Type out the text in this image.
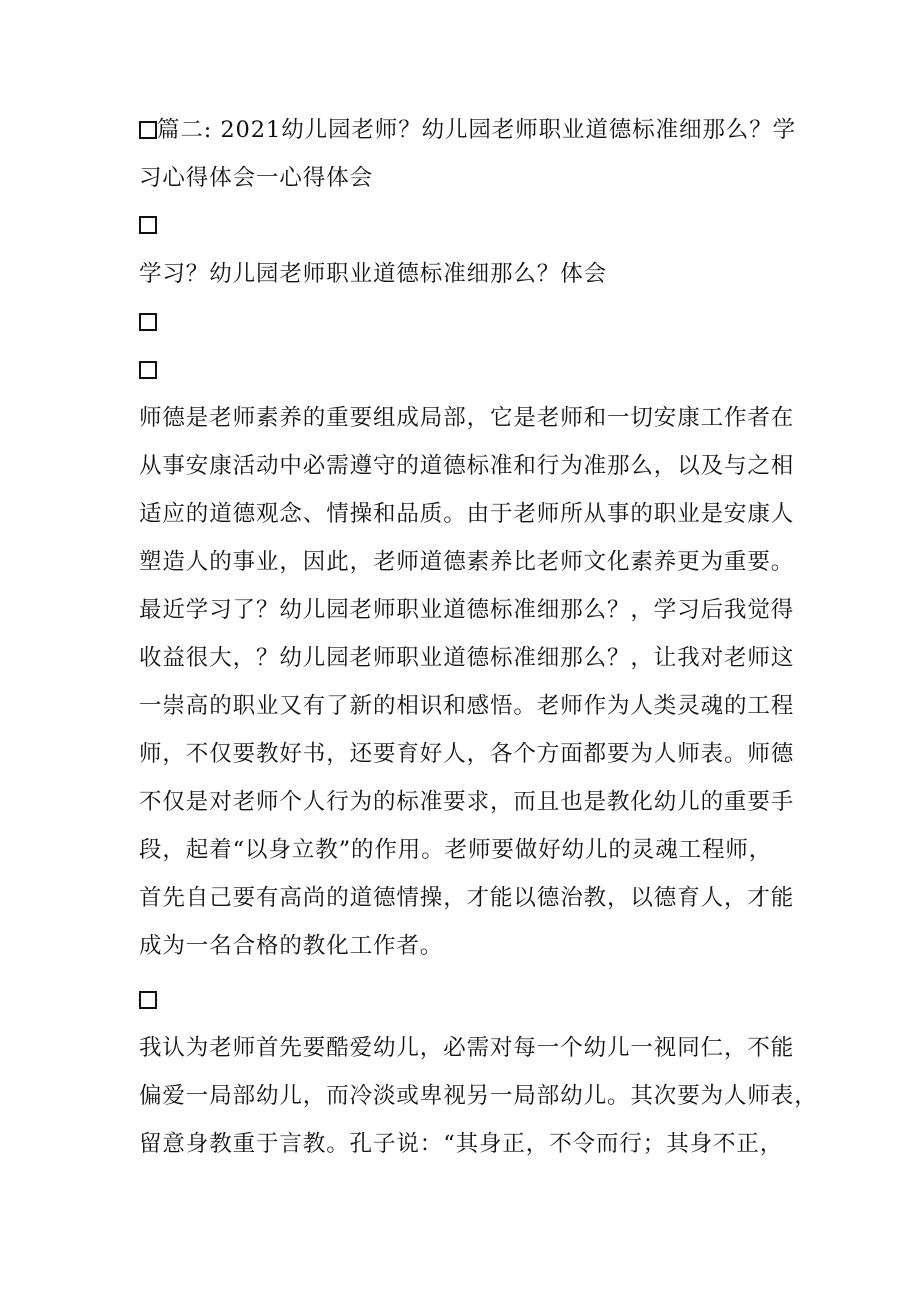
篇二: 2021幼儿园老师？幼儿园老师职业道德标准细那么？学
习心得体会一心得体会
学习？幼儿园老师职业道德标准细那么？体会
师德是老师素养的重要组成局部，它是老师和一切安康工作者在
从事安康活动中必需遵守的道德标准和行为准那么，以及与之相
适应的道德观念、情操和品质。由于老师所从事的职业是安康人
塑造人的事业，因此，老师道德素养比老师文化素养更为重要。
最近学习了？幼儿园老师职业道德标准细那么？，学习后我觉得
收益很大，？幼儿园老师职业道德标准细那么？，让我对老师这
一崇高的职业又有了新的相识和感悟。老师作为人类灵魂的工程
师，不仅要教好书，还要育好人，各个方面都要为人师表。师德
不仅是对老师个人行为的标准要求，而且也是教化幼儿的重要手
段，起着“以身立教”的作用。老师要做好幼儿的灵魂工程师，
首先自己要有高尚的道德情操，才能以德治教，以德育人，才能
成为一名合格的教化工作者。
我认为老师首先要酷爱幼儿，必需对每一个幼儿一视同仁，不能
偏爱一局部幼儿，而冷淡或卑视另一局部幼儿。其次要为人师表，
留意身教重于言教。孔子说：“其身正，不令而行；其身不正，
